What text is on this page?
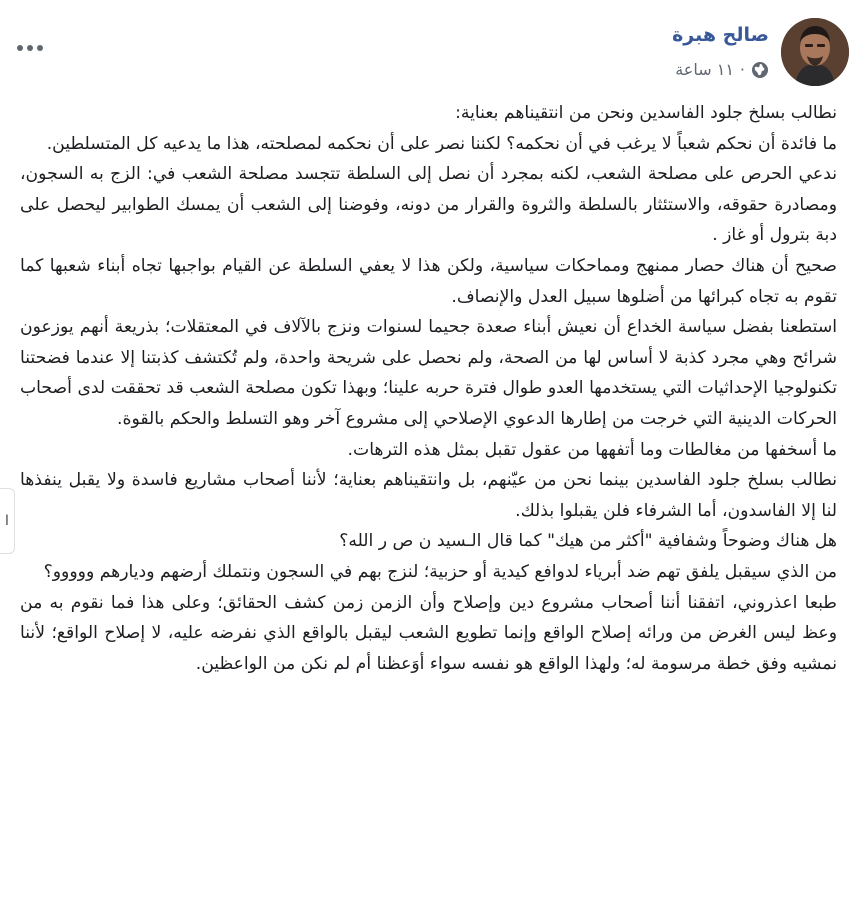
صالح هبرة
١١ ساعة ·

نطالب بسلخ جلود الفاسدين ونحن من انتقيناهم بعناية:

ما فائدة أن نحكم شعباً لا يرغب في أن نحكمه؟ لكننا نصر على أن نحكمه لمصلحته، هذا ما يدعيه كل المتسلطين.

ندعي الحرص على مصلحة الشعب، لكنه بمجرد أن نصل إلى السلطة تتجسد مصلحة الشعب في: الزج به السجون، ومصادرة حقوقه، والاستئثار بالسلطة والثروة والقرار من دونه، وفوضنا إلى الشعب أن يمسك الطوابير ليحصل على دبة بترول أو غاز .

صحيح أن هناك حصار ممنهج ومماحكات سياسية، ولكن هذا لا يعفي السلطة عن القيام بواجبها تجاه أبناء شعبها كما تقوم به تجاه كبرائها من أضلوها سبيل العدل والإنصاف.

استطعنا بفضل سياسة الخداع أن نعيش أبناء صعدة جحيما لسنوات ونزج بالآلاف في المعتقلات؛ بذريعة أنهم يوزعون شرائح وهي مجرد كذبة لا أساس لها من الصحة، ولم نحصل على شريحة واحدة، ولم تُكتشف كذبتنا إلا عندما فضحتنا تكنولوجيا الإحداثيات التي يستخدمها العدو طوال فترة حربه علينا؛ وبهذا تكون مصلحة الشعب قد تحققت لدى أصحاب الحركات الدينية التي خرجت من إطارها الدعوي الإصلاحي إلى مشروع آخر وهو التسلط والحكم بالقوة.

ما أسخفها من مغالطات وما أتفهها من عقول تقبل بمثل هذه الترهات.

نطالب بسلخ جلود الفاسدين بينما نحن من عيّنهم، بل وانتقيناهم بعناية؛ لأننا أصحاب مشاريع فاسدة ولا يقبل ينفذها لنا إلا الفاسدون، أما الشرفاء فلن يقبلوا بذلك.

هل هناك وضوحاً وشفافية "أكثر من هيك" كما قال الـسيد ن ص ر الله؟

من الذي سيقبل يلفق تهم ضد أبرياء لدوافع كيدية أو حزبية؛ لنزج بهم في السجون ونتملك أرضهم وديارهم ووووو؟

طبعا اعذروني، اتفقنا أننا أصحاب مشروع دين وإصلاح وأن الزمن زمن كشف الحقائق؛ وعلى هذا فما نقوم به من وعظ ليس الغرض من ورائه إصلاح الواقع وإنما تطويع الشعب ليقبل بالواقع الذي نفرضه عليه، لا إصلاح الواقع؛ لأننا نمشيه وفق خطة مرسومة له؛ ولهذا الواقع هو نفسه سواء أوَعظنا أم لم نكن من الواعظين.

ا
